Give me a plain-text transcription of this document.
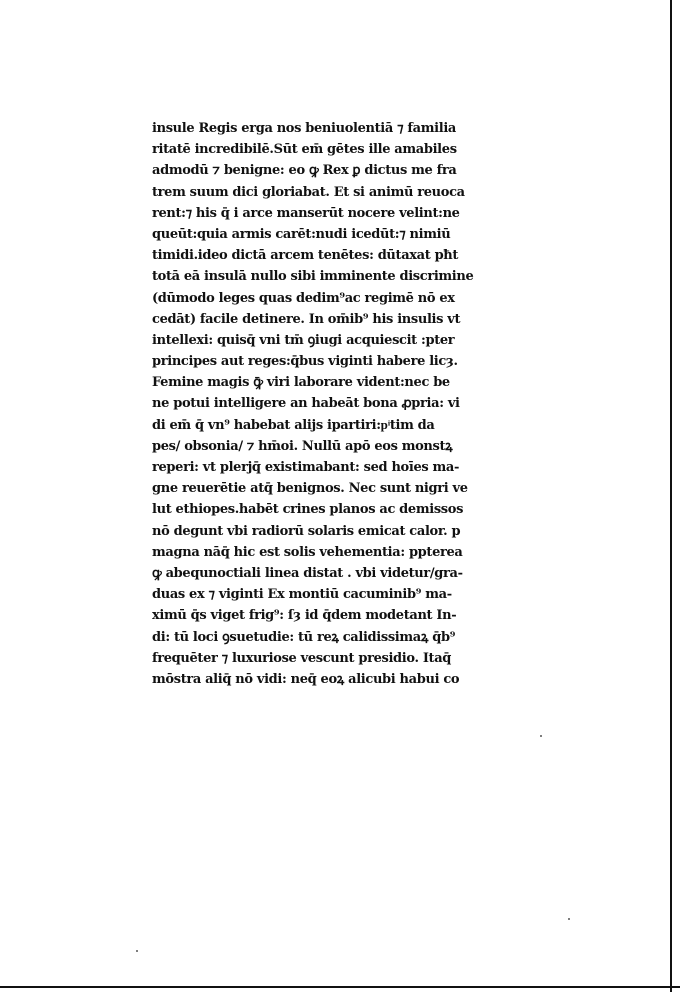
insule Regis erga nos beniuolentiā ⁊ familia
ritatē incredibilē.Sūt em̄ gētes ille amabiles
admodū ⁊ benigne: eo ꝙ Rex ꝑ dictus me fra
trem suum dici gloriabat. Et si animū reuoca
rent:⁊ his q̄ i arce manserūt nocere velint:ne
queūt:quia armis carēt:nudi icedūt:⁊ nimiū
timidi.ideo dictā arcem tenētes: dūtaxat pħt
totā eā insulā nullo sibi imminente discrimine
(dūmodo leges quas dedim⁹ac regimē nō ex
cedāt) facile detinere. In om̄ib⁹ his insulis vt
intellexi: quisq̄ vni tm̄ ꝯiugi acquiescit :pter
principes aut reges:q̄bus viginti habere licȝ.
Femine magis ꝙ̄ viri laborare vident:nec be
ne potui intelligere an habeāt bona ꝓpria: vi
di em̄ q̄ vn⁹ habebat alijs ipartiri:pͥtim da
pes/ obsonia/ ⁊ hm̄oi. Nullū apō eos monstꝝ
reperi: vt plerjq̄ existimabant: sed hoīes ma-
gne reuerētie atq̄ benignos. Nec sunt nigri ve
lut ethiopes.habēt crines planos ac demissos
nō degunt vbi radiorū solaris emicat calor. p
magna nāq̄ hic est solis vehementia: ppterea
ꝙ abequnoctiali linea distat . vbi videtur/gra-
duas ex ⁊ viginti Ex montiū cacuminib⁹ ma-
ximū q̄s viget frig⁹: ſȝ id q̄dem modetant In-
di: tū loci ꝯsuetudie: tū reꝝ calidissimaꝝ q̄b⁹
frequēter ⁊ luxuriose vescunt presidio. Itaq̄
mōstra aliq̄ nō vidi: neq̄ eoꝝ alicubi habui co
